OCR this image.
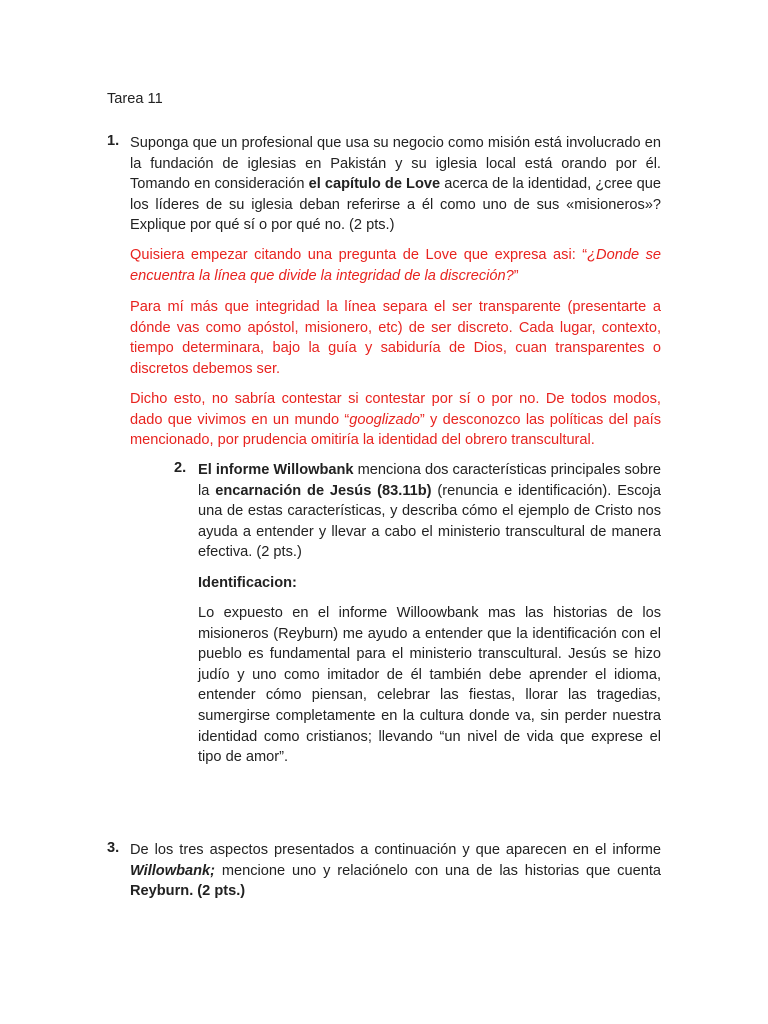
Tarea 11
1. Suponga que un profesional que usa su negocio como misión está involucrado en la fundación de iglesias en Pakistán y su iglesia local está orando por él. Tomando en consideración el capítulo de Love acerca de la identidad, ¿cree que los líderes de su iglesia deban referirse a él como uno de sus «misioneros»? Explique por qué sí o por qué no. (2 pts.)
Quisiera empezar citando una pregunta de Love que expresa asi: “¿Donde se encuentra la línea que divide la integridad de la discreción?”
Para mí más que integridad la línea separa el ser transparente (presentarte a dónde vas como apóstol, misionero, etc) de ser discreto. Cada lugar, contexto, tiempo determinara, bajo la guía y sabiduría de Dios, cuan transparentes o discretos debemos ser.
Dicho esto, no sabría contestar si contestar por sí o por no. De todos modos, dado que vivimos en un mundo “googlizado” y desconozco las políticas del país mencionado, por prudencia omitiría la identidad del obrero transcultural.
2. El informe Willowbank menciona dos características principales sobre la encarnación de Jesús (83.11b) (renuncia e identificación). Escoja una de estas características, y describa cómo el ejemplo de Cristo nos ayuda a entender y llevar a cabo el ministerio transcultural de manera efectiva. (2 pts.)
Identificacion:
Lo expuesto en el informe Willoowbank mas las historias de los misioneros (Reyburn) me ayudo a entender que la identificación con el pueblo es fundamental para el ministerio transcultural. Jesús se hizo judío y uno como imitador de él también debe aprender el idioma, entender cómo piensan, celebrar las fiestas, llorar las tragedias, sumergirse completamente en la cultura donde va, sin perder nuestra identidad como cristianos; llevando “un nivel de vida que exprese el tipo de amor”.
3. De los tres aspectos presentados a continuación y que aparecen en el informe Willowbank; mencione uno y relaciónelo con una de las historias que cuenta Reyburn. (2 pts.)
